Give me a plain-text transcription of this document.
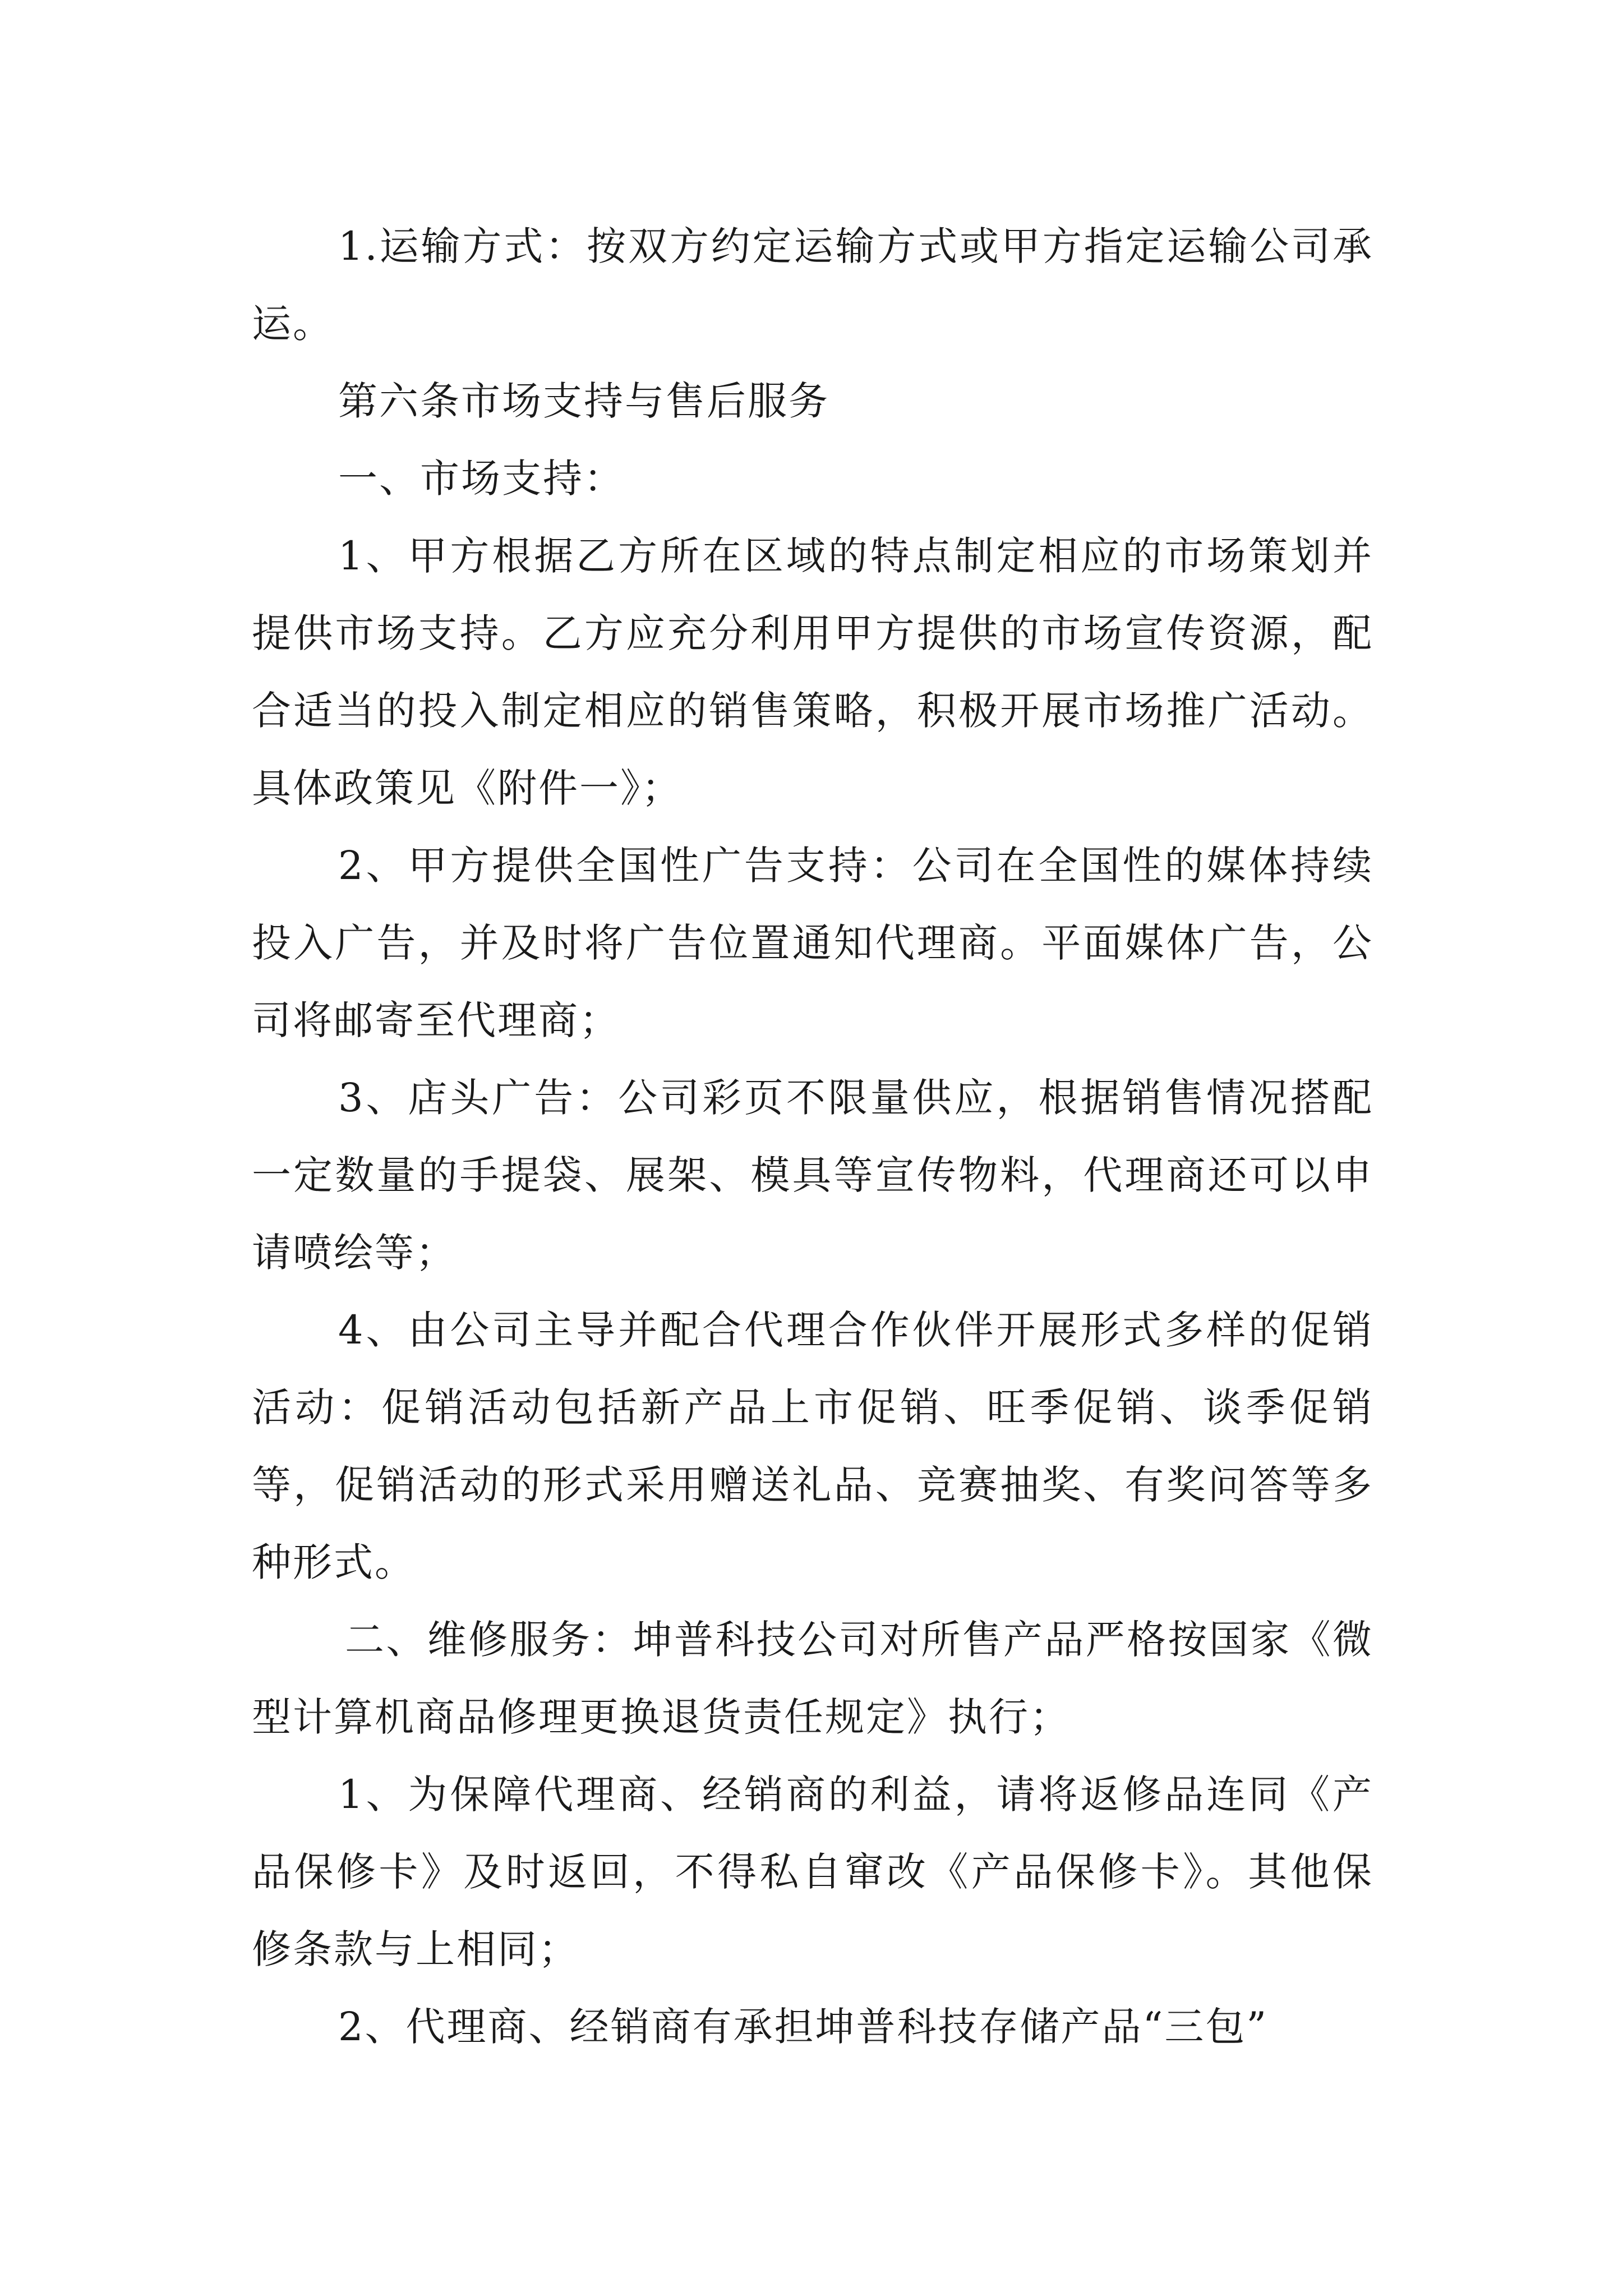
1.运输方式：按双方约定运输方式或甲方指定运输公司承运。

第六条市场支持与售后服务

一、市场支持：

1、甲方根据乙方所在区域的特点制定相应的市场策划并提供市场支持。乙方应充分利用甲方提供的市场宣传资源，配合适当的投入制定相应的销售策略，积极开展市场推广活动。具体政策见《附件一》；

2、甲方提供全国性广告支持：公司在全国性的媒体持续投入广告，并及时将广告位置通知代理商。平面媒体广告，公司将邮寄至代理商；

3、店头广告：公司彩页不限量供应，根据销售情况搭配一定数量的手提袋、展架、模具等宣传物料，代理商还可以申请喷绘等；

4、由公司主导并配合代理合作伙伴开展形式多样的促销活动：促销活动包括新产品上市促销、旺季促销、谈季促销等，促销活动的形式采用赠送礼品、竞赛抽奖、有奖问答等多种形式。

二、维修服务：坤普科技公司对所售产品严格按国家《微型计算机商品修理更换退货责任规定》执行；

1、为保障代理商、经销商的利益，请将返修品连同《产品保修卡》及时返回，不得私自窜改《产品保修卡》。其他保修条款与上相同；

2、代理商、经销商有承担坤普科技存储产品“三包”
